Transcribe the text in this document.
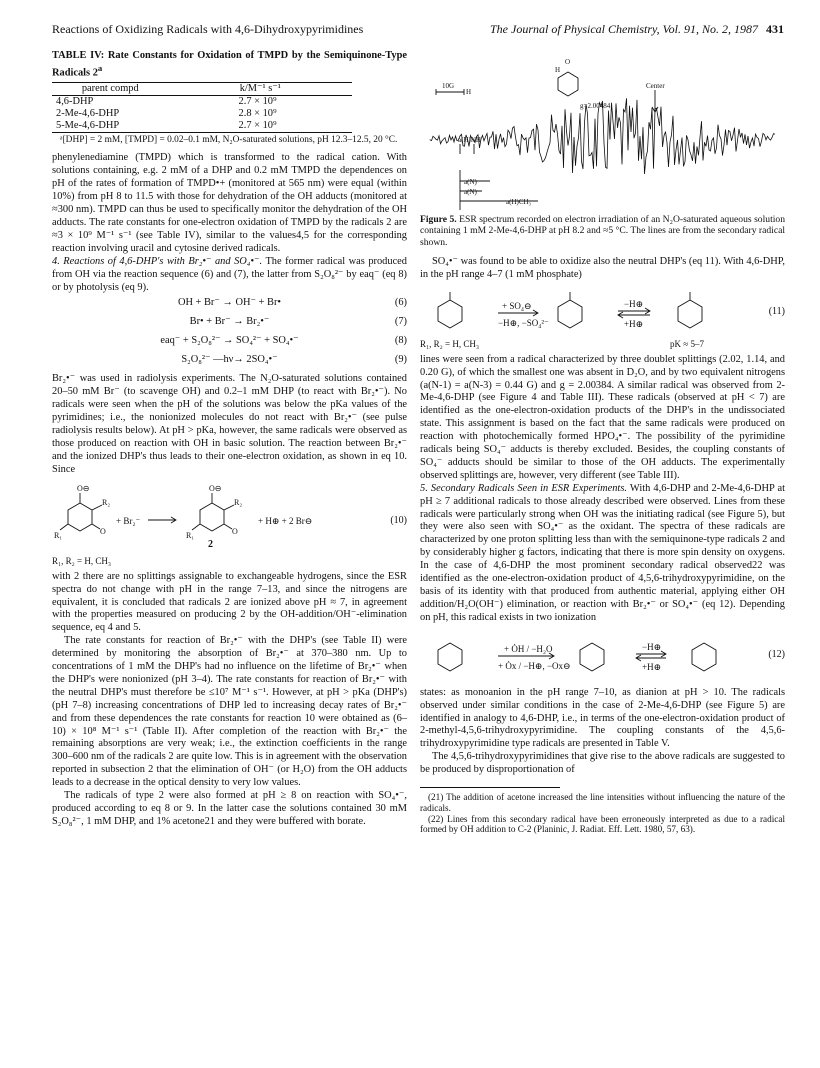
Reactions of Oxidizing Radicals with 4,6-Dihydroxypyrimidines	The Journal of Physical Chemistry, Vol. 91, No. 2, 1987 431
TABLE IV: Rate Constants for Oxidation of TMPD by the Semiquinone-Type Radicals 2$^a$
parent compd	k/M⁻¹ s⁻¹
4,6-DHP	2.7 × 10⁹
2-Me-4,6-DHP	2.8 × 10⁹
5-Me-4,6-DHP	2.7 × 10⁹
ᵃ[DHP] = 2 mM, [TMPD] = 0.02–0.1 mM, N₂O-saturated solutions, pH 12.3–12.5, 20 °C.

phenylenediamine (TMPD) which is transformed to the radical cation. With solutions containing, e.g. 2 mM of a DHP and 0.2 mM TMPD the dependences on pH of the rates of formation of TMPD•+ (monitored at 565 nm) were equal (within 10%) from pH 8 to 11.5 with those for dehydration of the OH adducts (monitored at ≈300 nm). TMPD can thus be used to specifically monitor the dehydration of the OH adducts. The rate constants for one-electron oxidation of TMPD by the radicals 2 are ≈3 × 10⁹ M⁻¹ s⁻¹ (see Table IV), similar to the values4,5 for the corresponding reaction involving uracil and cytosine derived radicals.

4. Reactions of 4,6-DHP's with Br₂•⁻ and SO₄•⁻. The former radical was produced from OH via the reaction sequence (6) and (7), the latter from S₂O₈²⁻ by eaq⁻ (eq 8) or by photolysis (eq 9).

OH + Br⁻ → OH⁻ + Br•	(6)
Br• + Br⁻ → Br₂•⁻	(7)
eaq⁻ + S₂O₈²⁻ → SO₄²⁻ + SO₄•⁻	(8)
S₂O₈²⁻ —hν→ 2SO₄•⁻	(9)

Br₂•⁻ was used in radiolysis experiments. The N₂O-saturated solutions contained 20–50 mM Br⁻ (to scavenge OH) and 0.2–1 mM DHP (to react with Br₂•⁻). No radicals were seen when the pH of the solutions was below the pKa values of the pyrimidines; i.e., the nonionized molecules do not react with Br₂•⁻ (see pulse radiolysis results below). At pH > pKa, however, the same radicals were observed as those produced on reaction with OH in basic solution. The reaction between Br₂•⁻ and the ionized DHP's thus leads to their one-electron oxidation, as shown in eq 10. Since

O⊖
R₂
R₁	O
O⊖
R₂
R₁	O
+ Br₂⁻	+ H⊕ + 2 Br⊖	(10)
2
R₁, R₂ = H, CH₃

with 2 there are no splittings assignable to exchangeable hydrogens, since the ESR spectra do not change with pH in the range 7–13, and since the nitrogens are equivalent, it is concluded that radicals 2 are ionized above pH ≈ 7, in agreement with the properties measured on producing 2 by the OH-addition/OH⁻-elimination sequence, eq 4 and 5.

The rate constants for reaction of Br₂•⁻ with the DHP's (see Table II) were determined by monitoring the absorption of Br₂•⁻ at 370–380 nm. Up to concentrations of 1 mM the DHP's had no influence on the lifetime of Br₂•⁻ when the DHP's were nonionized (pH 3–4). The rate constants for reaction of Br₂•⁻ with the neutral DHP's must therefore be ≤10⁷ M⁻¹ s⁻¹. However, at pH > pKa (DHP's) (pH 7–8) increasing concentrations of DHP led to increasing decay rates of Br₂•⁻ and from these dependences the rate constants for reaction 10 were obtained as (6–10) × 10⁸ M⁻¹ s⁻¹ (Table II). After completion of the reaction with Br₂•⁻ the remaining absorptions are very weak; i.e., the extinction coefficients in the range 300–600 nm of the radicals 2 are quite low. This is in agreement with the observation reported in subsection 2 that the elimination of OH⁻ (or H₂O) from the OH adducts leads to a decrease in the optical density to very low values.

The radicals of type 2 were also formed at pH ≥ 8 on reaction with SO₄•⁻, produced according to eq 8 or 9. In the latter case the solutions contained 30 mM S₂O₈²⁻, 1 mM DHP, and 1% acetone21 and they were buffered with borate.

10G
H
a(H)NH
g=2.00484
Center
a(N)
a(N)
a(H)CH₃
H
O
Figure 5. ESR spectrum recorded on electron irradiation of an N₂O-saturated aqueous solution containing 1 mM 2-Me-4,6-DHP at pH 8.2 and ≈5 °C. The lines are from the secondary radical shown.

SO₄•⁻ was found to be able to oxidize also the neutral DHP's (eq 11). With 4,6-DHP, in the pH range 4–7 (1 mM phosphate)

+ SO₄⊖
−H⊕, −SO₄²⁻
−H⊕
+H⊕
(11)
R₁, R₂ = H, CH₃	pK ≈ 5–7

lines were seen from a radical characterized by three doublet splittings (2.02, 1.14, and 0.20 G), of which the smallest one was absent in D₂O, and by two equivalent nitrogens (a(N-1) = a(N-3) = 0.44 G) and g = 2.00384. A similar radical was observed from 2-Me-4,6-DHP (see Figure 4 and Table III). These radicals (observed at pH < 7) are identified as the one-electron-oxidation products of the DHP's in the undissociated state. This assignment is based on the fact that the same radicals were produced on reaction with photochemically formed HPO₄•⁻. The possibility of the pyrimidine radicals being SO₄⁻ adducts is thereby excluded. Besides, the coupling constants of SO₄⁻ adducts should be similar to those of the OH adducts. The experimentally observed splittings are, however, very different (see Table III).

5. Secondary Radicals Seen in ESR Experiments. With 4,6-DHP and 2-Me-4,6-DHP at pH ≥ 7 additional radicals to those already described were observed. Lines from these radicals were particularly strong when OH was the initiating radical (see Figure 5), but they were also seen with SO₄•⁻ as the oxidant. The spectra of these radicals are characterized by one proton splitting less than with the semiquinone-type radicals 2 and by considerably higher g factors, indicating that there is more spin density on oxygens. In the case of 4,6-DHP the most prominent secondary radical observed22 was identified as the one-electron-oxidation product of 4,5,6-trihydroxypyrimidine, on the basis of its identity with that produced from authentic material, applying either OH addition/H₂O(OH⁻) elimination, or reaction with Br₂•⁻ or SO₄•⁻ (eq 12). Depending on pH, this radical exists in two ionization

+ ȮH / −H₂O
+ Ȯx / −H⊕, −Ox⊖
−H⊕
+H⊕
(12)

states: as monoanion in the pH range 7–10, as dianion at pH > 10. The radicals observed under similar conditions in the case of 2-Me-4,6-DHP (see Figure 5) are identified in analogy to 4,6-DHP, i.e., in terms of the one-electron-oxidation product of 2-methyl-4,5,6-trihydroxypyrimidine. The coupling constants of the 4,5,6-trihydroxypyrimidine type radicals are presented in Table V.

The 4,5,6-trihydroxypyrimidines that give rise to the above radicals are suggested to be produced by disproportionation of

(21) The addition of acetone increased the line intensities without influencing the nature of the radicals.
(22) Lines from this secondary radical have been erroneously interpreted as due to a radical formed by OH addition to C-2 (Planinic, J. Radiat. Eff. Lett. 1980, 57, 63).
